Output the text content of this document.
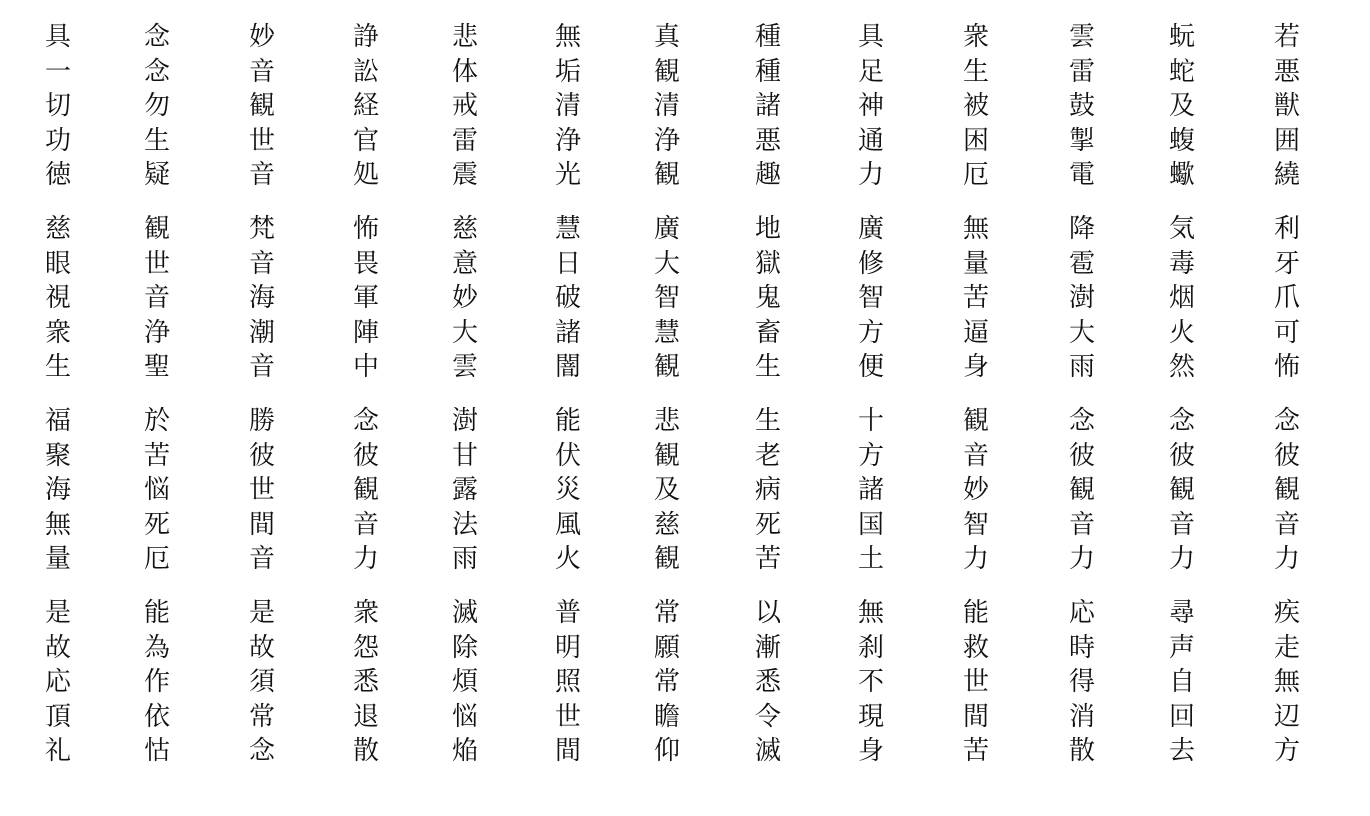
若
悪
獣
囲
繞
蚖
蛇
及
蝮
蠍
雲
雷
鼓
掣
電
衆
生
被
困
厄
具
足
神
通
力
種
種
諸
悪
趣
真
観
清
浄
観
無
垢
清
浄
光
悲
体
戒
雷
震
諍
訟
経
官
処
妙
音
観
世
音
念
念
勿
生
疑
具
一
切
功
徳
利
牙
爪
可
怖
気
毒
烟
火
然
降
雹
澍
大
雨
無
量
苦
逼
身
廣
修
智
方
便
地
獄
鬼
畜
生
廣
大
智
慧
観
慧
日
破
諸
闇
慈
意
妙
大
雲
怖
畏
軍
陣
中
梵
音
海
潮
音
観
世
音
浄
聖
慈
眼
視
衆
生
念
彼
観
音
力
念
彼
観
音
力
念
彼
観
音
力
観
音
妙
智
力
十
方
諸
国
土
生
老
病
死
苦
悲
観
及
慈
観
能
伏
災
風
火
澍
甘
露
法
雨
念
彼
観
音
力
勝
彼
世
間
音
於
苦
悩
死
厄
福
聚
海
無
量
疾
走
無
辺
方
尋
声
自
回
去
応
時
得
消
散
能
救
世
間
苦
無
刹
不
現
身
以
漸
悉
令
滅
常
願
常
瞻
仰
普
明
照
世
間
滅
除
煩
悩
焔
衆
怨
悉
退
散
是
故
須
常
念
能
為
作
依
怙
是
故
応
頂
礼
